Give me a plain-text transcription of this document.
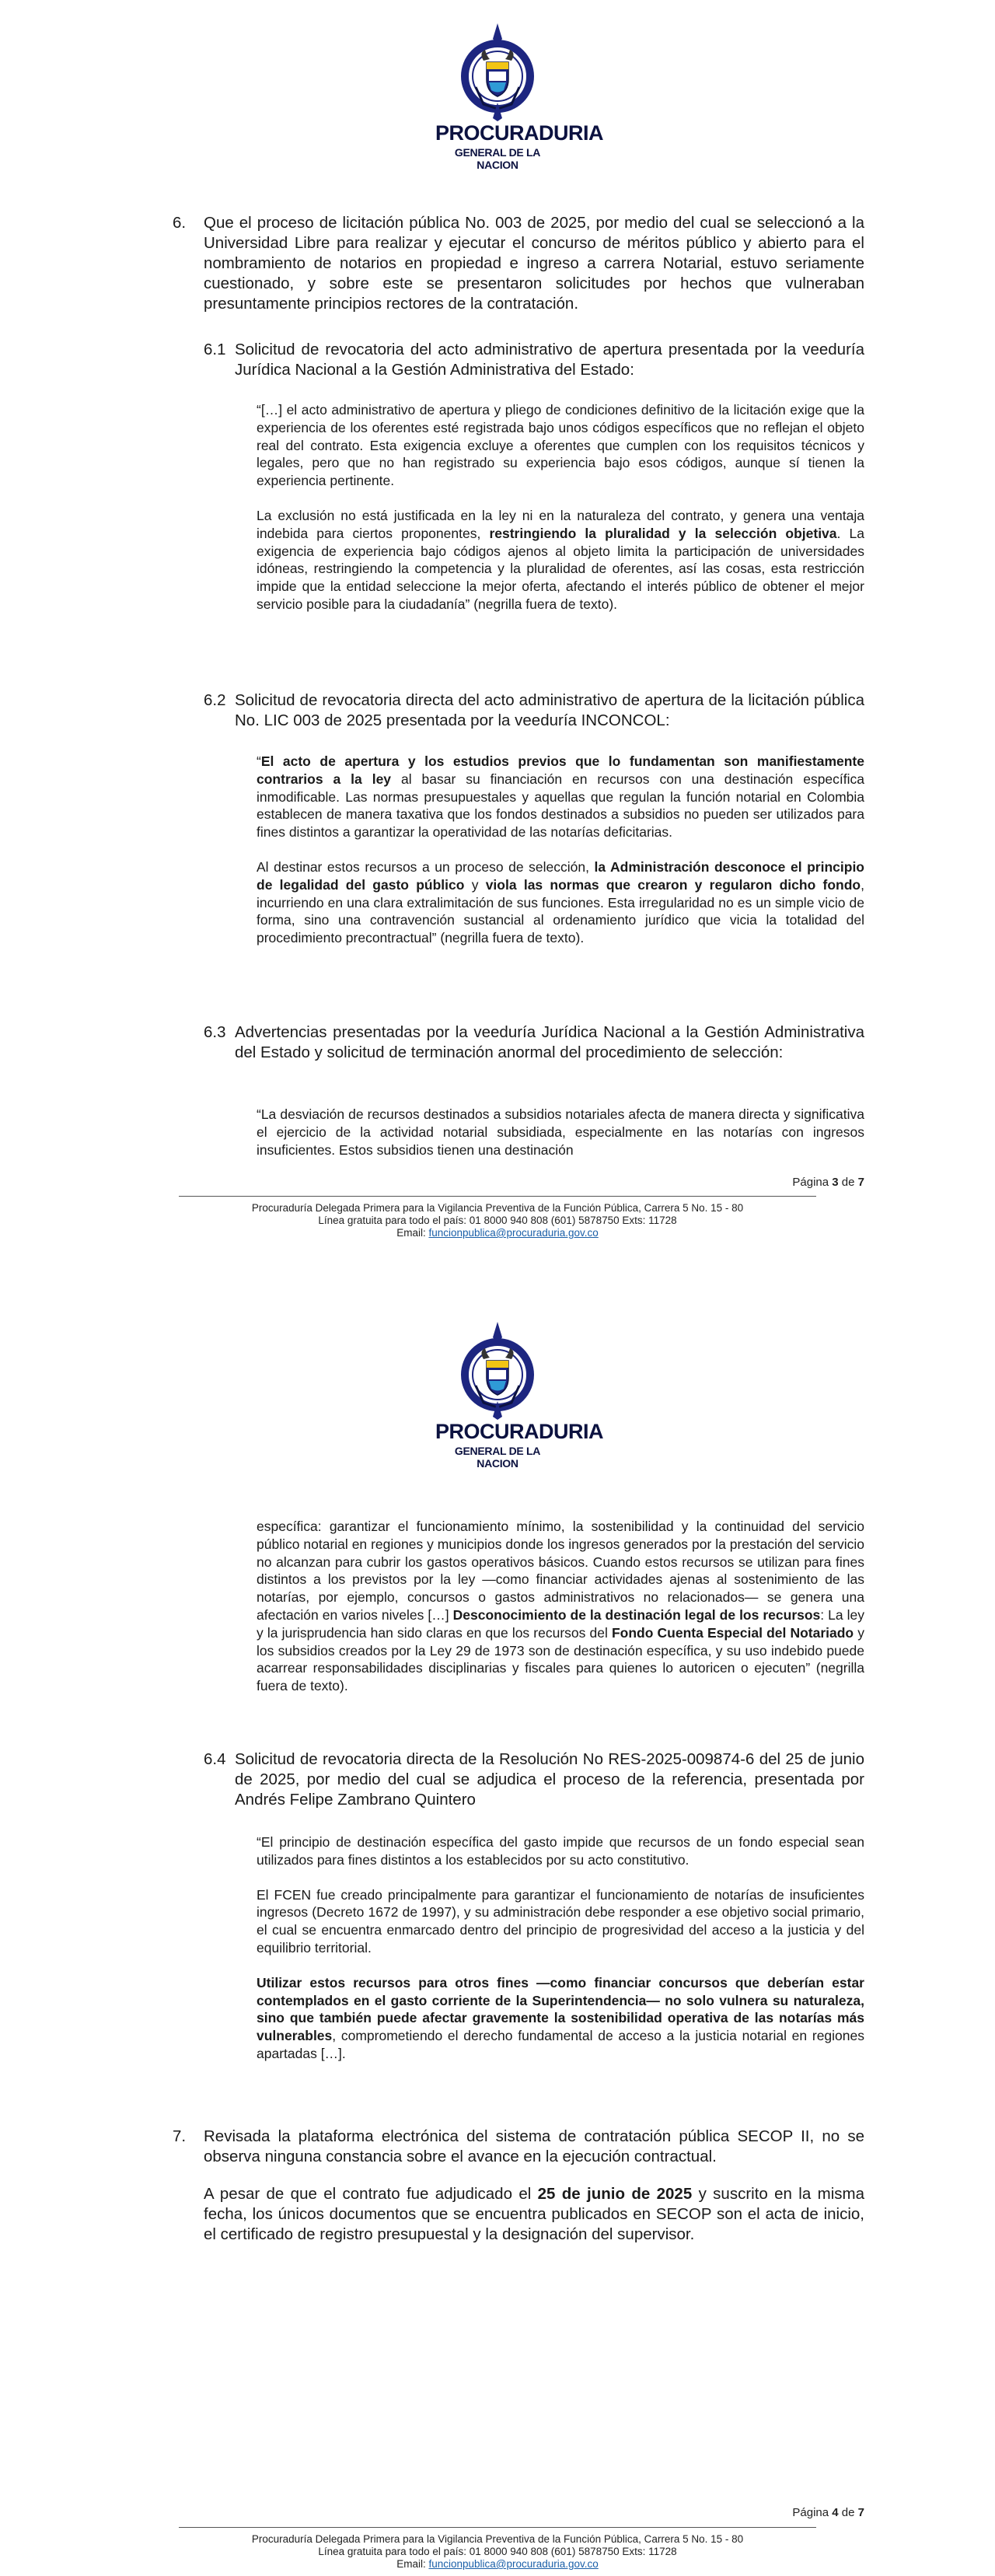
PROCURADURIA
GENERAL DE LA NACION
6. Que el proceso de licitación pública No. 003 de 2025, por medio del cual se seleccionó a la Universidad Libre para realizar y ejecutar el concurso de méritos público y abierto para el nombramiento de notarios en propiedad e ingreso a carrera Notarial, estuvo seriamente cuestionado, y sobre este se presentaron solicitudes por hechos que vulneraban presuntamente principios rectores de la contratación.

6.1 Solicitud de revocatoria del acto administrativo de apertura presentada por la veeduría Jurídica Nacional a la Gestión Administrativa del Estado:

“[…] el acto administrativo de apertura y pliego de condiciones definitivo de la licitación exige que la experiencia de los oferentes esté registrada bajo unos códigos específicos que no reflejan el objeto real del contrato. Esta exigencia excluye a oferentes que cumplen con los requisitos técnicos y legales, pero que no han registrado su experiencia bajo esos códigos, aunque sí tienen la experiencia pertinente.

La exclusión no está justificada en la ley ni en la naturaleza del contrato, y genera una ventaja indebida para ciertos proponentes, restringiendo la pluralidad y la selección objetiva. La exigencia de experiencia bajo códigos ajenos al objeto limita la participación de universidades idóneas, restringiendo la competencia y la pluralidad de oferentes, así las cosas, esta restricción impide que la entidad seleccione la mejor oferta, afectando el interés público de obtener el mejor servicio posible para la ciudadanía” (negrilla fuera de texto).

6.2 Solicitud de revocatoria directa del acto administrativo de apertura de la licitación pública No. LIC 003 de 2025 presentada por la veeduría INCONCOL:

“El acto de apertura y los estudios previos que lo fundamentan son manifiestamente contrarios a la ley al basar su financiación en recursos con una destinación específica inmodificable. Las normas presupuestales y aquellas que regulan la función notarial en Colombia establecen de manera taxativa que los fondos destinados a subsidios no pueden ser utilizados para fines distintos a garantizar la operatividad de las notarías deficitarias.

Al destinar estos recursos a un proceso de selección, la Administración desconoce el principio de legalidad del gasto público y viola las normas que crearon y regularon dicho fondo, incurriendo en una clara extralimitación de sus funciones. Esta irregularidad no es un simple vicio de forma, sino una contravención sustancial al ordenamiento jurídico que vicia la totalidad del procedimiento precontractual” (negrilla fuera de texto).

6.3 Advertencias presentadas por la veeduría Jurídica Nacional a la Gestión Administrativa del Estado y solicitud de terminación anormal del procedimiento de selección:

“La desviación de recursos destinados a subsidios notariales afecta de manera directa y significativa el ejercicio de la actividad notarial subsidiada, especialmente en las notarías con ingresos insuficientes. Estos subsidios tienen una destinación

Página 3 de 7
Procuraduría Delegada Primera para la Vigilancia Preventiva de la Función Pública, Carrera 5 No. 15 - 80
Línea gratuita para todo el país: 01 8000 940 808 (601) 5878750 Exts: 11728
Email: funcionpublica@procuraduria.gov.co
PROCURADURIA
GENERAL DE LA NACION

específica: garantizar el funcionamiento mínimo, la sostenibilidad y la continuidad del servicio público notarial en regiones y municipios donde los ingresos generados por la prestación del servicio no alcanzan para cubrir los gastos operativos básicos. Cuando estos recursos se utilizan para fines distintos a los previstos por la ley —como financiar actividades ajenas al sostenimiento de las notarías, por ejemplo, concursos o gastos administrativos no relacionados— se genera una afectación en varios niveles […] Desconocimiento de la destinación legal de los recursos: La ley y la jurisprudencia han sido claras en que los recursos del Fondo Cuenta Especial del Notariado y los subsidios creados por la Ley 29 de 1973 son de destinación específica, y su uso indebido puede acarrear responsabilidades disciplinarias y fiscales para quienes lo autoricen o ejecuten” (negrilla fuera de texto).

6.4 Solicitud de revocatoria directa de la Resolución No RES-2025-009874-6 del 25 de junio de 2025, por medio del cual se adjudica el proceso de la referencia, presentada por Andrés Felipe Zambrano Quintero

“El principio de destinación específica del gasto impide que recursos de un fondo especial sean utilizados para fines distintos a los establecidos por su acto constitutivo.

El FCEN fue creado principalmente para garantizar el funcionamiento de notarías de insuficientes ingresos (Decreto 1672 de 1997), y su administración debe responder a ese objetivo social primario, el cual se encuentra enmarcado dentro del principio de progresividad del acceso a la justicia y del equilibrio territorial.

Utilizar estos recursos para otros fines —como financiar concursos que deberían estar contemplados en el gasto corriente de la Superintendencia— no solo vulnera su naturaleza, sino que también puede afectar gravemente la sostenibilidad operativa de las notarías más vulnerables, comprometiendo el derecho fundamental de acceso a la justicia notarial en regiones apartadas […].

7. Revisada la plataforma electrónica del sistema de contratación pública SECOP II, no se observa ninguna constancia sobre el avance en la ejecución contractual.

A pesar de que el contrato fue adjudicado el 25 de junio de 2025 y suscrito en la misma fecha, los únicos documentos que se encuentra publicados en SECOP son el acta de inicio, el certificado de registro presupuestal y la designación del supervisor.

Página 4 de 7
Procuraduría Delegada Primera para la Vigilancia Preventiva de la Función Pública, Carrera 5 No. 15 - 80
Línea gratuita para todo el país: 01 8000 940 808 (601) 5878750 Exts: 11728
Email: funcionpublica@procuraduria.gov.co
